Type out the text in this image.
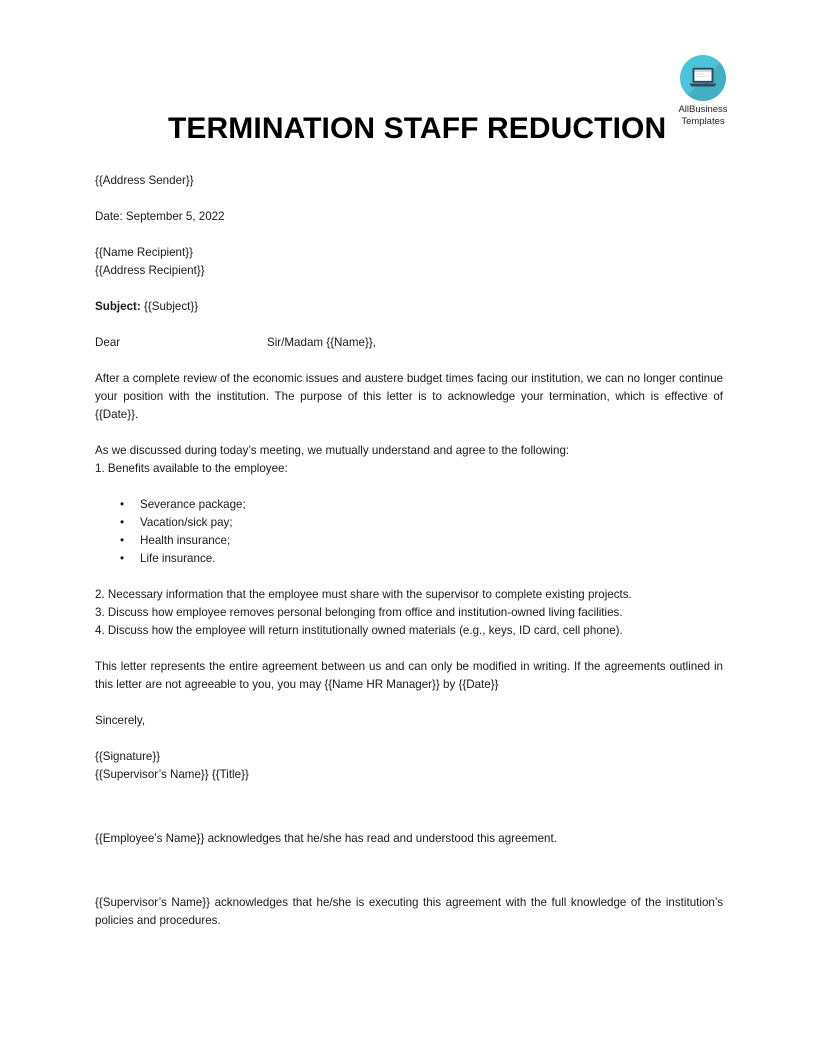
AllBusiness
Templates
TERMINATION STAFF REDUCTION

{{Address Sender}}

Date: September 5, 2022

{{Name Recipient}}

{{Address Recipient}}

Subject: {{Subject}}

Dear	Sir/Madam {{Name}},

After a complete review of the economic issues and austere budget times facing our institution, we can no longer continue your position with the institution. The purpose of this letter is to acknowledge your termination, which is effective of {{Date}}.

As we discussed during today’s meeting, we mutually understand and agree to the following:

1. Benefits available to the employee:

• Severance package;
• Vacation/sick pay;
• Health insurance;
• Life insurance.

2. Necessary information that the employee must share with the supervisor to complete existing projects.

3. Discuss how employee removes personal belonging from office and institution-owned living facilities.

4. Discuss how the employee will return institutionally owned materials (e.g., keys, ID card, cell phone).

This letter represents the entire agreement between us and can only be modified in writing. If the agreements outlined in this letter are not agreeable to you, you may {{Name HR Manager}} by {{Date}}

Sincerely,

{{Signature}}

{{Supervisor’s Name}} {{Title}}

{{Employee’s Name}} acknowledges that he/she has read and understood this agreement.

{{Supervisor’s Name}} acknowledges that he/she is executing this agreement with the full knowledge of the institution’s policies and procedures.
